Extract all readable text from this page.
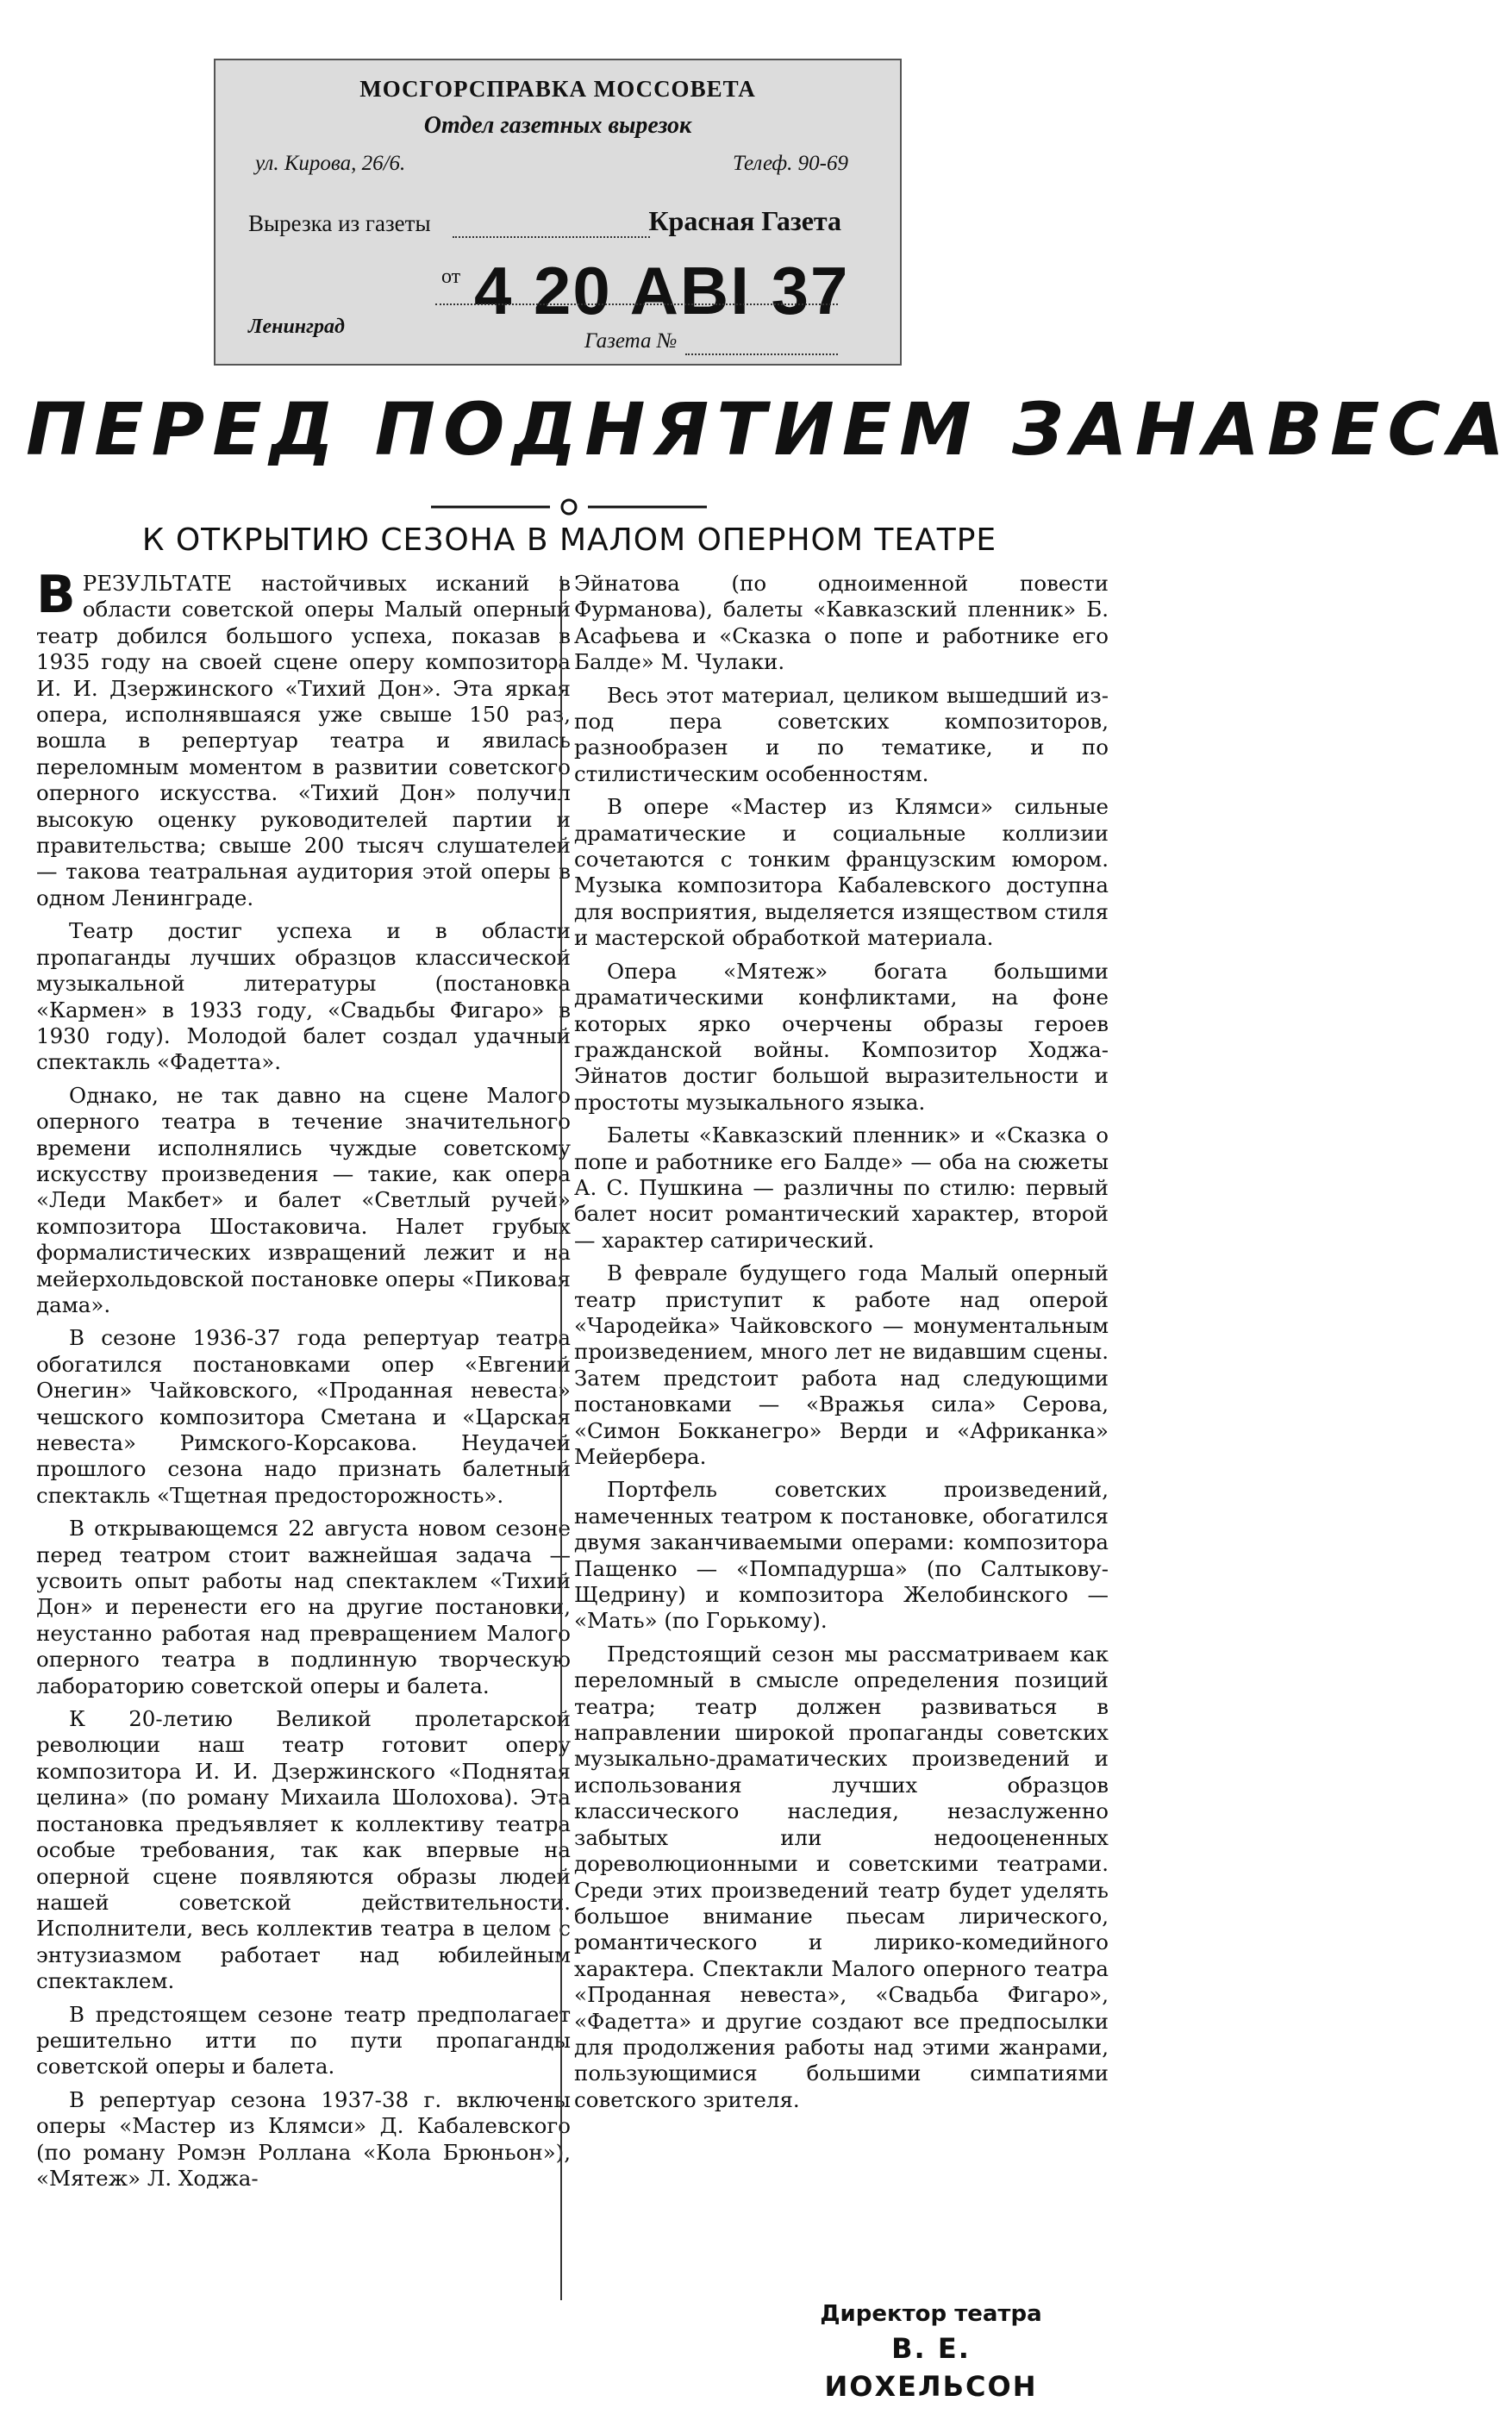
МОСГОРСПРАВКА МОССОВЕТА
Отдел газетных вырезок
ул. Кирова, 26/6.	Телеф. 90-69
Вырезка из газеты	Красная Газета
от 4 20 ABI 37
Ленинград
Газета №
ПЕРЕД ПОДНЯТИЕМ ЗАНАВЕСА
К ОТКРЫТИЮ СЕЗОНА В МАЛОМ ОПЕРНОМ ТЕАТРЕ

ВРЕЗУЛЬТАТЕ настойчивых исканий в области советской оперы Малый оперный театр добился большого успеха, показав в 1935 году на своей сцене оперу композитора И. И. Дзержинского «Тихий Дон». Эта яркая опера, исполнявшаяся уже свыше 150 раз, вошла в репертуар театра и явилась переломным моментом в развитии советского оперного искусства. «Тихий Дон» получил высокую оценку руководителей партии и правительства; свыше 200 тысяч слушателей — такова театральная аудитория этой оперы в одном Ленинграде.

Театр достиг успеха и в области пропаганды лучших образцов классической музыкальной литературы (постановка «Кармен» в 1933 году, «Свадьбы Фигаро» в 1930 году). Молодой балет создал удачный спектакль «Фадетта».

Однако, не так давно на сцене Малого оперного театра в течение значительного времени исполнялись чуждые советскому искусству произведения — такие, как опера «Леди Макбет» и балет «Светлый ручей» композитора Шостаковича. Налет грубых формалистических извращений лежит и на мейерхольдовской постановке оперы «Пиковая дама».

В сезоне 1936-37 года репертуар театра обогатился постановками опер «Евгений Онегин» Чайковского, «Проданная невеста» чешского композитора Сметана и «Царская невеста» Римского-Корсакова. Неудачей прошлого сезона надо признать балетный спектакль «Тщетная предосторожность».

В открывающемся 22 августа новом сезоне перед театром стоит важнейшая задача — усвоить опыт работы над спектаклем «Тихий Дон» и перенести его на другие постановки, неустанно работая над превращением Малого оперного театра в подлинную творческую лабораторию советской оперы и балета.

К 20-летию Великой пролетарской революции наш театр готовит оперу композитора И. И. Дзержинского «Поднятая целина» (по роману Михаила Шолохова). Эта постановка предъявляет к коллективу театра особые требования, так как впервые на оперной сцене появляются образы людей нашей советской действительности. Исполнители, весь коллектив театра в целом с энтузиазмом работает над юбилейным спектаклем.

В предстоящем сезоне театр предполагает решительно итти по пути пропаганды советской оперы и балета.

В репертуар сезона 1937-38 г. включены оперы «Мастер из Клямси» Д. Кабалевского (по роману Ромэн Роллана «Кола Брюньон»), «Мятеж» Л. Ходжа-

Эйнатова (по одноименной повести Фурманова), балеты «Кавказский пленник» Б. Асафьева и «Сказка о попе и работнике его Балде» М. Чулаки.

Весь этот материал, целиком вышедший из-под пера советских композиторов, разнообразен и по тематике, и по стилистическим особенностям.

В опере «Мастер из Клямси» сильные драматические и социальные коллизии сочетаются с тонким французским юмором. Музыка композитора Кабалевского доступна для восприятия, выделяется изяществом стиля и мастерской обработкой материала.

Опера «Мятеж» богата большими драматическими конфликтами, на фоне которых ярко очерчены образы героев гражданской войны. Композитор Ходжа-Эйнатов достиг большой выразительности и простоты музыкального языка.

Балеты «Кавказский пленник» и «Сказка о попе и работнике его Балде» — оба на сюжеты А. С. Пушкина — различны по стилю: первый балет носит романтический характер, второй — характер сатирический.

В феврале будущего года Малый оперный театр приступит к работе над оперой «Чародейка» Чайковского — монументальным произведением, много лет не видавшим сцены. Затем предстоит работа над следующими постановками — «Вражья сила» Серова, «Симон Бокканегро» Верди и «Африканка» Мейербера.

Портфель советских произведений, намеченных театром к постановке, обогатился двумя заканчиваемыми операми: композитора Пащенко — «Помпадурша» (по Салтыкову-Щедрину) и композитора Желобинского — «Мать» (по Горькому).

Предстоящий сезон мы рассматриваем как переломный в смысле определения позиций театра; театр должен развиваться в направлении широкой пропаганды советских музыкально-драматических произведений и использования лучших образцов классического наследия, незаслуженно забытых или недооцененных дореволюционными и советскими театрами. Среди этих произведений театр будет уделять большое внимание пьесам лирического, романтического и лирико-комедийного характера. Спектакли Малого оперного театра «Проданная невеста», «Свадьба Фигаро», «Фадетта» и другие создают все предпосылки для продолжения работы над этими жанрами, пользующимися большими симпатиями советского зрителя.

Директор театра
В. Е. ИОХЕЛЬСОН
